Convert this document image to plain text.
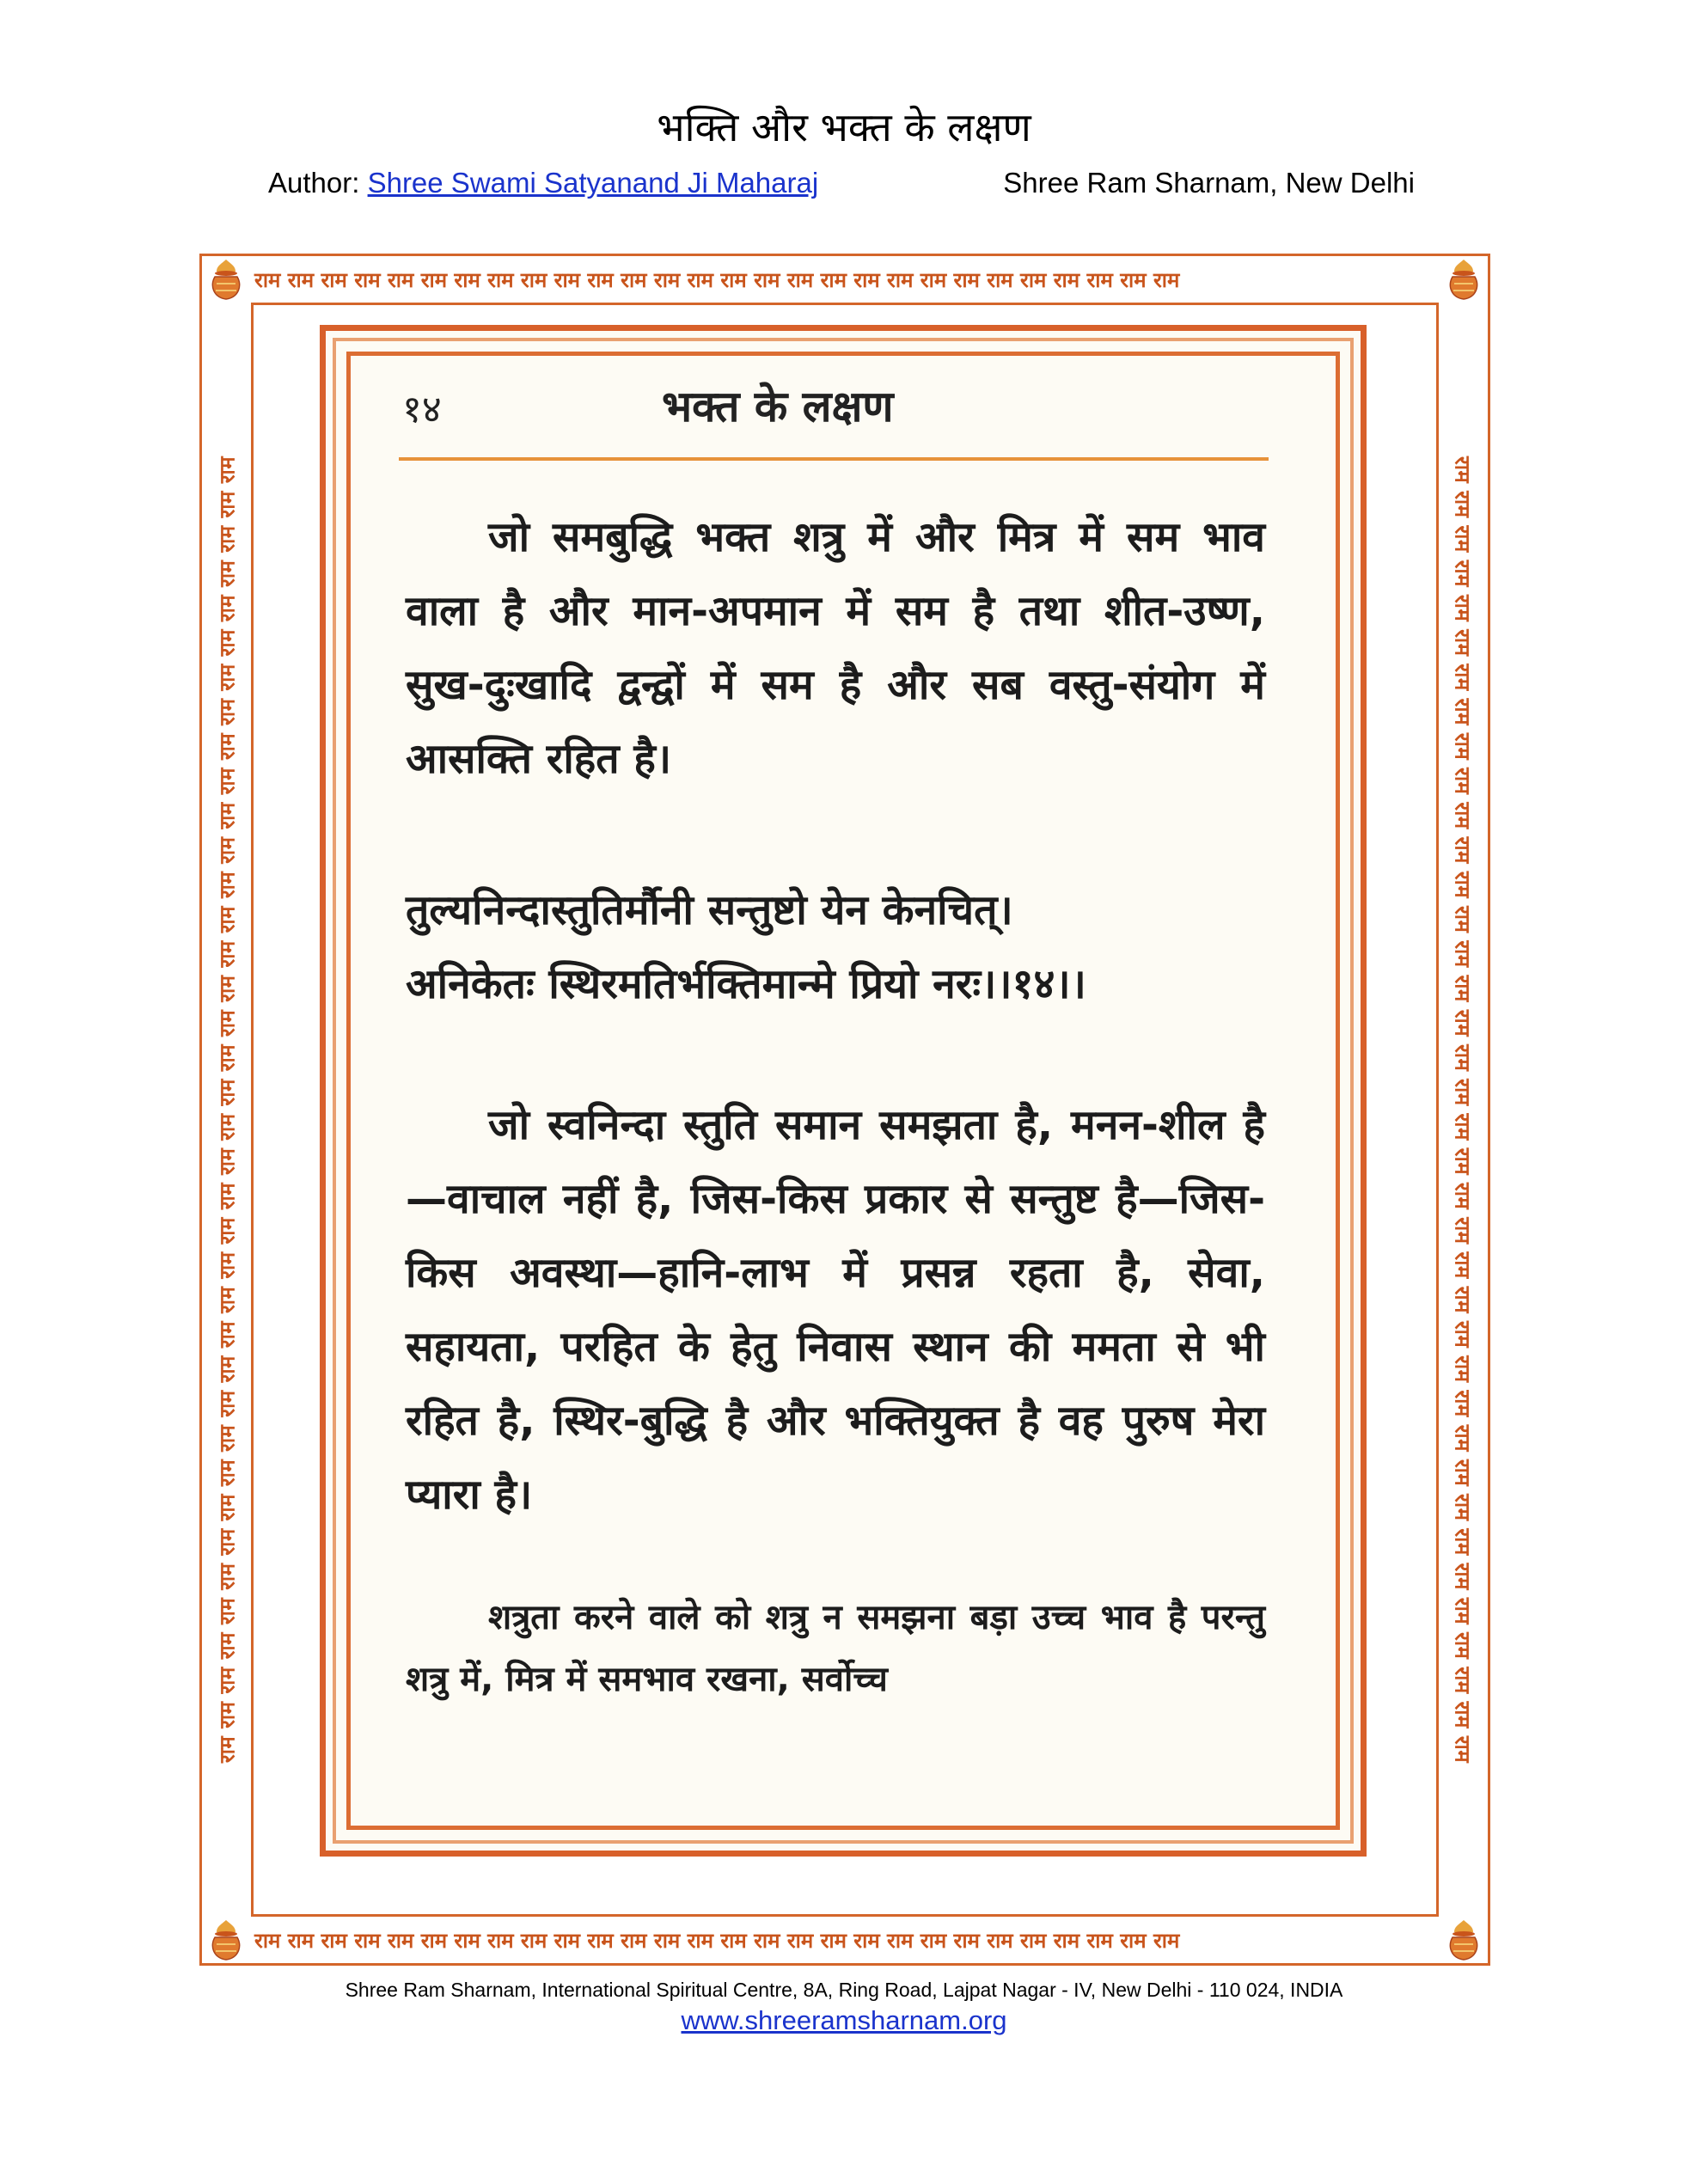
भक्ति और भक्त के लक्षण
Author: Shree Swami Satyanand Ji Maharaj	Shree Ram Sharnam, New Delhi
राम राम राम राम राम राम राम राम राम राम राम राम राम राम राम राम राम राम राम राम राम राम राम राम राम राम राम राम
राम राम राम राम राम राम राम राम राम राम राम राम राम राम राम राम राम राम राम राम राम राम राम राम राम राम राम राम
राम राम राम राम राम राम राम राम राम राम राम राम राम राम राम राम राम राम राम राम राम राम राम राम राम राम राम राम राम राम राम राम राम राम राम राम राम राम	राम राम राम राम राम राम राम राम राम राम राम राम राम राम राम राम राम राम राम राम राम राम राम राम राम राम राम राम राम राम राम राम राम राम राम राम राम राम
१४	भक्त के लक्षण

जो समबुद्धि भक्त शत्रु में और मित्र में सम भाव वाला है और मान-अपमान में सम है तथा शीत-उष्ण, सुख-दुःखादि द्वन्द्वों में सम है और सब वस्तु-संयोग में आसक्ति रहित है।

तुल्यनिन्दास्तुतिर्मौनी सन्तुष्टो येन केनचित्।
अनिकेतः स्थिरमतिर्भक्तिमान्मे प्रियो नरः।।१४।।

जो स्वनिन्दा स्तुति समान समझता है, मनन-शील है—वाचाल नहीं है, जिस-किस प्रकार से सन्तुष्ट है—जिस-किस अवस्था—हानि-लाभ में प्रसन्न रहता है, सेवा, सहायता, परहित के हेतु निवास स्थान की ममता से भी रहित है, स्थिर-बुद्धि है और भक्तियुक्त है वह पुरुष मेरा प्यारा है।

शत्रुता करने वाले को शत्रु न समझना बड़ा उच्च भाव है परन्तु शत्रु में, मित्र में समभाव रखना, सर्वोच्च

Shree Ram Sharnam, International Spiritual Centre, 8A, Ring Road, Lajpat Nagar - IV, New Delhi - 110 024, INDIA
www.shreeramsharnam.org
